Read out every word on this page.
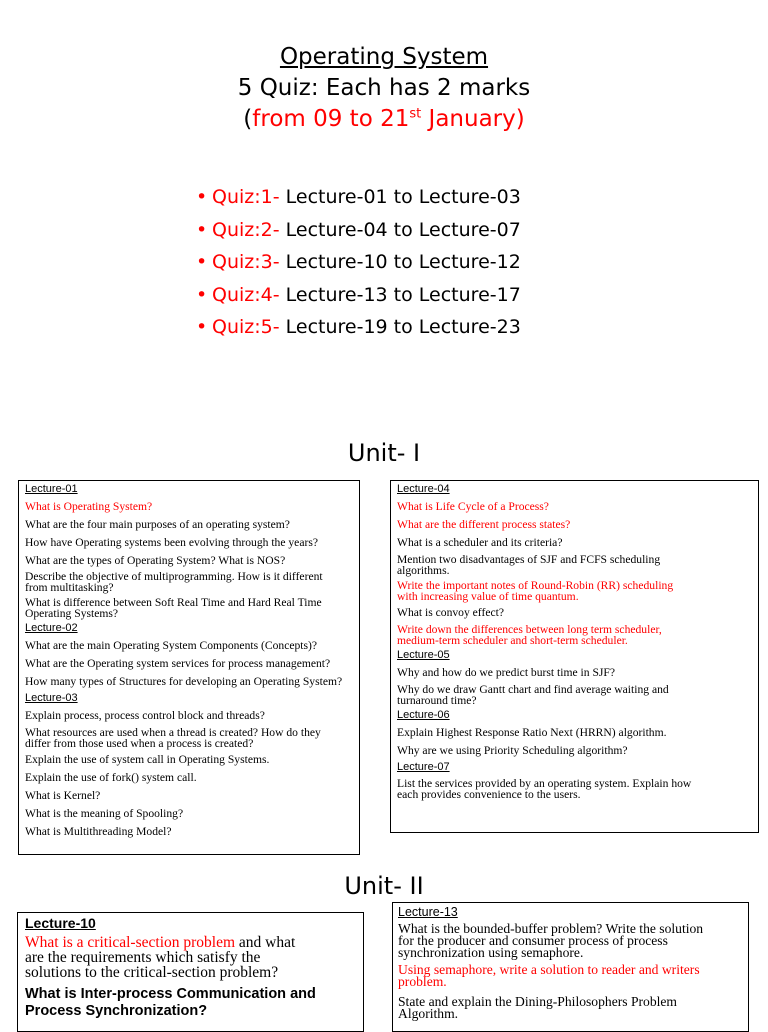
Operating System
5 Quiz: Each has 2 marks
(from 09 to 21st January)
• Quiz:1- Lecture-01 to Lecture-03
• Quiz:2- Lecture-04 to Lecture-07
• Quiz:3- Lecture-10 to Lecture-12
• Quiz:4- Lecture-13 to Lecture-17
• Quiz:5- Lecture-19 to Lecture-23
Unit- I

Lecture-01

What is Operating System?

What are the four main purposes of an operating system?

How have Operating systems been evolving through the years?

What are the types of Operating System? What is NOS?

Describe the objective of multiprogramming. How is it different

from multitasking?

What is difference between Soft Real Time and Hard Real Time

Operating Systems?

Lecture-02

What are the main Operating System Components (Concepts)?

What are the Operating system services for process management?

How many types of Structures for developing an Operating System?

Lecture-03

Explain process, process control block and threads?

What resources are used when a thread is created? How do they

differ from those used when a process is created?

Explain the use of system call in Operating Systems.

Explain the use of fork() system call.

What is Kernel?

What is the meaning of Spooling?

What is Multithreading Model?

Lecture-04

What is Life Cycle of a Process?

What are the different process states?

What is a scheduler and its criteria?

Mention two disadvantages of SJF and FCFS scheduling

algorithms.

Write the important notes of Round-Robin (RR) scheduling

with increasing value of time quantum.

What is convoy effect?

Write down the differences between long term scheduler,

medium-term scheduler and short-term scheduler.

Lecture-05

Why and how do we predict burst time in SJF?

Why do we draw Gantt chart and find average waiting and

turnaround time?

Lecture-06

Explain Highest Response Ratio Next (HRRN) algorithm.

Why are we using Priority Scheduling algorithm?

Lecture-07

List the services provided by an operating system. Explain how

each provides convenience to the users.

Unit- II

Lecture-10

What is a critical-section problem and what

are the requirements which satisfy the

solutions to the critical-section problem?

What is Inter-process Communication and

Process Synchronization?

Lecture-13

What is the bounded-buffer problem? Write the solution

for the producer and consumer process of process

synchronization using semaphore.

Using semaphore, write a solution to reader and writers

problem.

State and explain the Dining-Philosophers Problem

Algorithm.
